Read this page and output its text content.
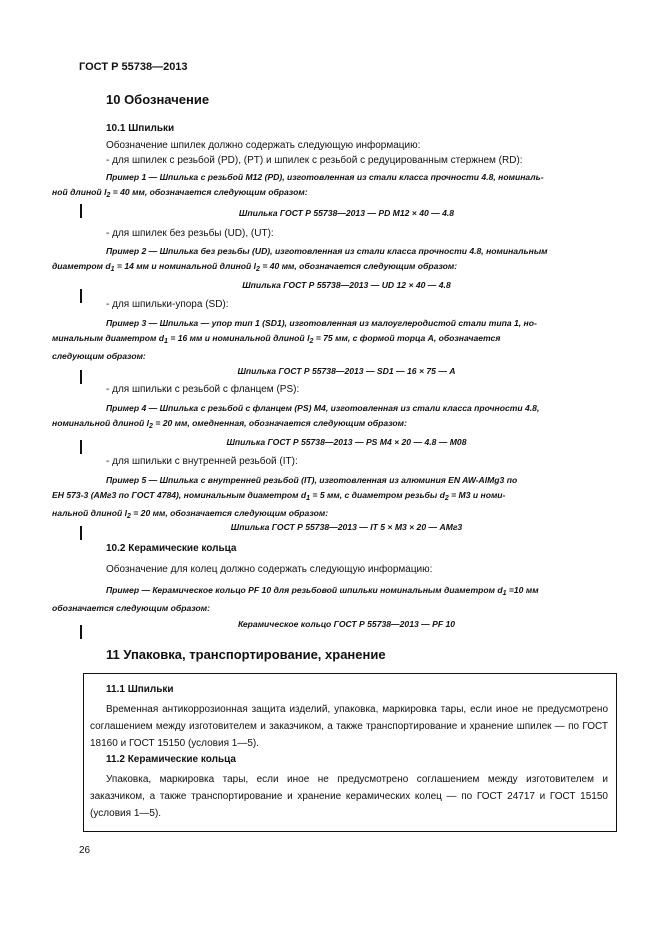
ГОСТ Р 55738—2013
10 Обозначение
10.1 Шпильки
Обозначение шпилек должно содержать следующую информацию:
- для шпилек с резьбой (PD), (PT) и шпилек с резьбой с редуцированным стержнем (RD):
Пример 1 — Шпилька с резьбой М12 (PD), изготовленная из стали класса прочности 4.8, номиналь-
ной длиной $l_2 = 40$ мм, обозначается следующим образом:
Шпилька ГОСТ Р 55738—2013 — PD M12 × 40 — 4.8
- для шпилек без резьбы (UD), (UT):
Пример 2 — Шпилька без резьбы (UD), изготовленная из стали класса прочности 4.8, номинальным
диаметром $d_1 = 14$ мм и номинальной длиной $l_2 = 40$ мм, обозначается следующим образом:
Шпилька ГОСТ Р 55738—2013 — UD 12 × 40 — 4.8
- для шпильки-упора (SD):
Пример 3 — Шпилька — упор тип 1 (SD1), изготовленная из малоуглеродистой стали типа 1, но-
минальным диаметром $d_1 = 16$ мм и номинальной длиной $l_2 = 75$ мм, с формой торца А, обозначается
следующим образом:
Шпилька ГОСТ Р 55738—2013 — SD1 — 16 × 75 — А
- для шпильки с резьбой с фланцем (PS):
Пример 4 — Шпилька с резьбой с фланцем (PS) М4, изготовленная из стали класса прочности 4.8,
номинальной длиной $l_2 = 20$ мм, омедненная, обозначается следующим образом:
Шпилька ГОСТ Р 55738—2013 — PS M4 × 20 — 4.8 — M08
- для шпильки с внутренней резьбой (IT):
Пример 5 — Шпилька с внутренней резьбой (IT), изготовленная из алюминия EN AW-AlMg3 по
ЕН 573-3 (АМг3 по ГОСТ 4784), номинальным диаметром $d_1 = 5$ мм, с диаметром резьбы $d_2 = М3$ и номи-
нальной длиной $l_2 = 20$ мм, обозначается следующим образом:
Шпилька ГОСТ Р 55738—2013 — IT 5 × M3 × 20 — АМг3
10.2 Керамические кольца
Обозначение для колец должно содержать следующую информацию:
Пример — Керамическое кольцо PF 10 для резьбовой шпильки номинальным диаметром $d_1 =10$ мм
обозначается следующим образом:
Керамическое кольцо ГОСТ Р 55738—2013 — PF 10
11 Упаковка, транспортирование, хранение
11.1 Шпильки
Временная антикоррозионная защита изделий, упаковка, маркировка тары, если иное не предусмотрено соглашением между изготовителем и заказчиком, а также транспортирование и хранение шпилек — по ГОСТ 18160 и ГОСТ 15150 (условия 1—5).
11.2 Керамические кольца
Упаковка, маркировка тары, если иное не предусмотрено соглашением между изготовителем и заказчиком, а также транспортирование и хранение керамических колец — по ГОСТ 24717 и ГОСТ 15150 (условия 1—5).
26
